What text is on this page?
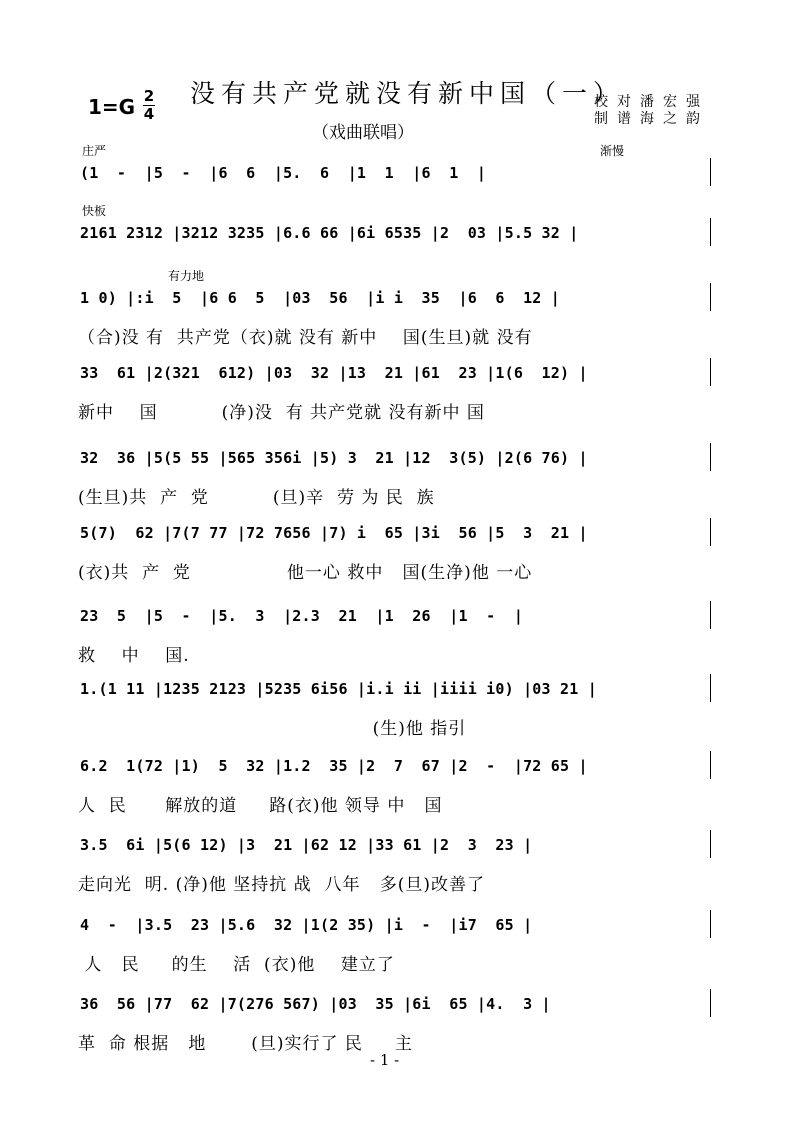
1=G 2
4
没有共产党就没有新中国（一）
（戏曲联唱）
校对潘宏强
制谱海之韵
庄严	渐慢
(1  -  |5  -  |6  6  |5.  6  |1  1  |6  1  |
快板
2161 2312 |3212 3235 |6.6 66 |6i 6535 |2  03 |5.5 32 |
有力地
1 0) |:i  5  |6 6  5  |03  56  |i i  35  |6  6  12 |
（合)没 有  共产党（衣)就 没有 新中    国(生旦)就 没有
33  61 |2(321  612) |03  32 |13  21 |61  23 |1(6  12) |
新中    国          (净)没  有 共产党就 没有新中 国
32  36 |5(5 55 |565 356i |5) 3  21 |12  3(5) |2(6 76) |
(生旦)共  产  党          (旦)辛  劳 为 民  族
5(7)  62 |7(7 77 |72 7656 |7) i  65 |3i  56 |5  3  21 |
(衣)共  产  党               他一心 救中   国(生净)他 一心
23  5  |5  -  |5.  3  |2.3  21  |1  26  |1  -  |
救    中    国.
1.(1 11 |1235 2123 |5235 6i56 |i.i ii |iiii i0) |03 21 |
(生)他 指引
6.2  1(72 |1)  5  32 |1.2  35 |2  7  67 |2  -  |72 65 |
人  民      解放的道     路(衣)他 领导 中   国
3.5  6i |5(6 12) |3  21 |62 12 |33 61 |2  3  23 |
走向光  明. (净)他 坚持抗 战  八年   多(旦)改善了
4  -  |3.5  23 |5.6  32 |1(2 35) |i  -  |i7  65 |
人   民     的生    活  (衣)他    建立了
36  56 |77  62 |7(276 567) |03  35 |6i  65 |4.  3 |
革  命 根据   地       (旦)实行了 民     主
- 1 -
